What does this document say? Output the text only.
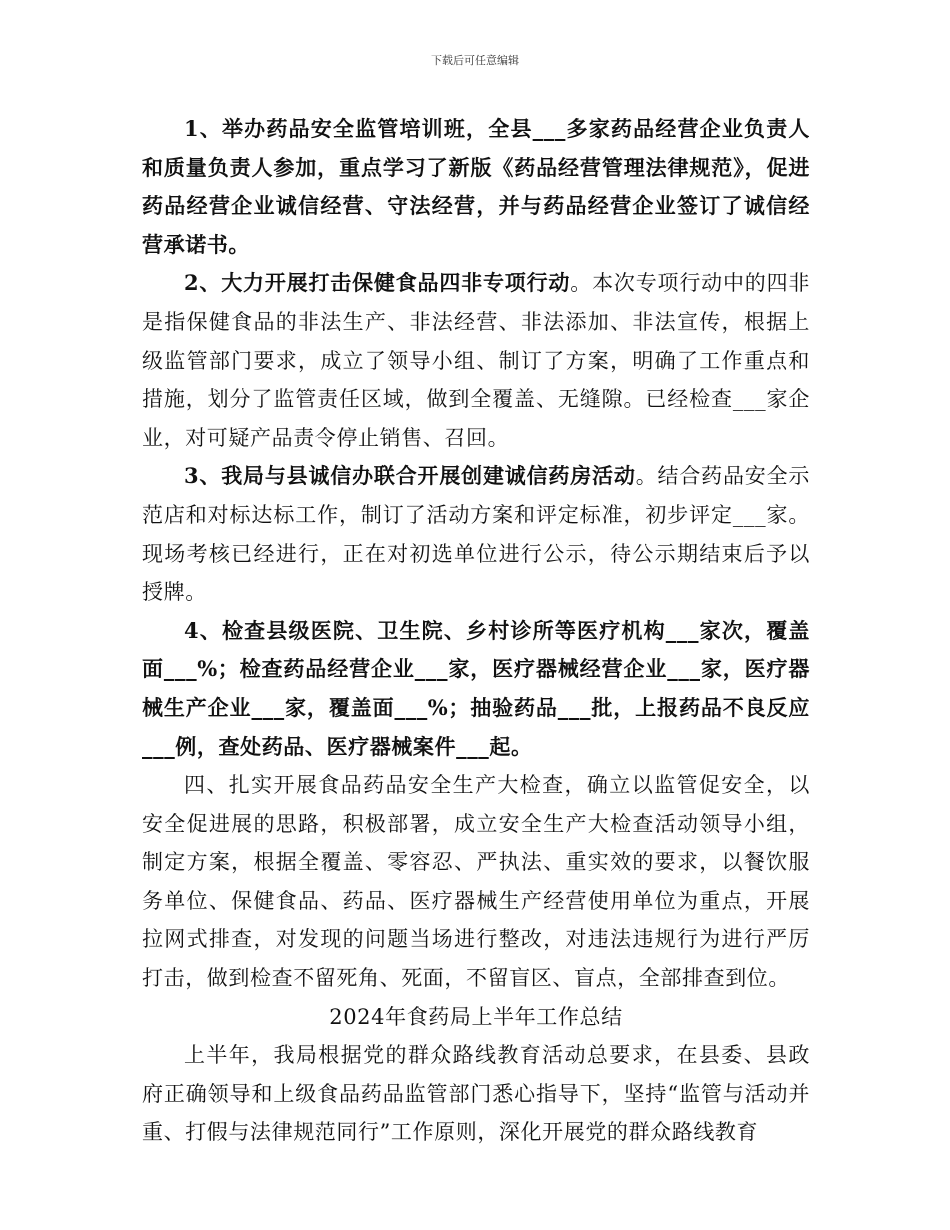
下载后可任意编辑

1、举办药品安全监管培训班，全县___多家药品经营企业负责人和质量负责人参加，重点学习了新版《药品经营管理法律规范》，促进药品经营企业诚信经营、守法经营，并与药品经营企业签订了诚信经营承诺书。

2、大力开展打击保健食品四非专项行动。本次专项行动中的四非是指保健食品的非法生产、非法经营、非法添加、非法宣传，根据上级监管部门要求，成立了领导小组、制订了方案，明确了工作重点和措施，划分了监管责任区域，做到全覆盖、无缝隙。已经检查___家企业，对可疑产品责令停止销售、召回。

3、我局与县诚信办联合开展创建诚信药房活动。结合药品安全示范店和对标达标工作，制订了活动方案和评定标准，初步评定___家。现场考核已经进行，正在对初选单位进行公示，待公示期结束后予以授牌。

4、检查县级医院、卫生院、乡村诊所等医疗机构___家次，覆盖面___%；检查药品经营企业___家，医疗器械经营企业___家，医疗器械生产企业___家，覆盖面___%；抽验药品___批，上报药品不良反应___例，查处药品、医疗器械案件___起。

四、扎实开展食品药品安全生产大检查，确立以监管促安全，以安全促进展的思路，积极部署，成立安全生产大检查活动领导小组，制定方案，根据全覆盖、零容忍、严执法、重实效的要求，以餐饮服务单位、保健食品、药品、医疗器械生产经营使用单位为重点，开展拉网式排查，对发现的问题当场进行整改，对违法违规行为进行严厉打击，做到检查不留死角、死面，不留盲区、盲点，全部排查到位。

2024年食药局上半年工作总结

上半年，我局根据党的群众路线教育活动总要求，在县委、县政府正确领导和上级食品药品监管部门悉心指导下，坚持“监管与活动并重、打假与法律规范同行”工作原则，深化开展党的群众路线教育
